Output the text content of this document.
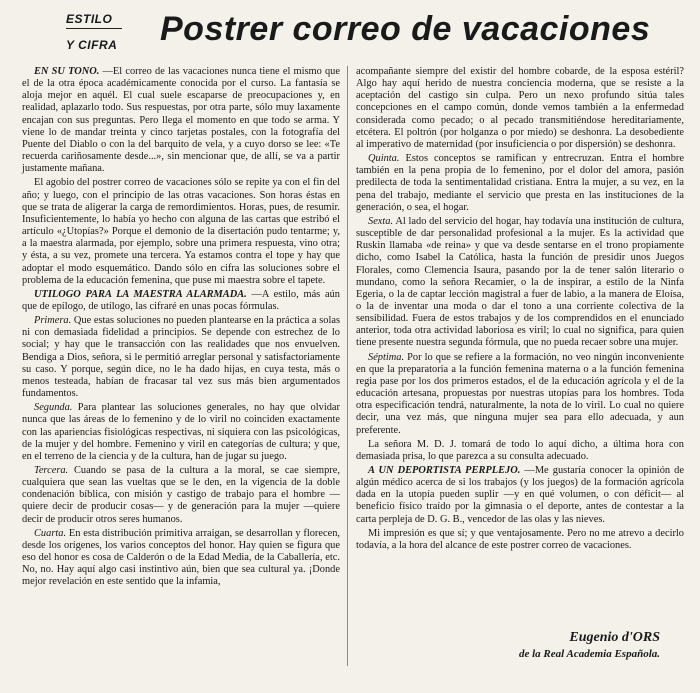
ESTILO
Y CIFRA Postrer correo de vacaciones

EN SU TONO. —El correo de las vacaciones nunca tiene el mismo que el de la otra época académicamente conocida por el curso. La fantasía se aloja mejor en aquél. El cual suele escaparse de preocupaciones y, en realidad, aplazarlo todo. Sus respuestas, por otra parte, sólo muy laxamente encajan con sus preguntas. Pero llega el momento en que todo se arma. Y viene lo de mandar treinta y cinco tarjetas postales, con la fotografía del Puente del Diablo o con la del barquito de vela, y a cuyo dorso se lee: «Te recuerda cariñosamente desde...», sin mencionar que, de allí, se va a partir justamente mañana.

El agobio del postrer correo de vacaciones sólo se repite ya con el fin del año; y luego, con el principio de las otras vacaciones. Son horas éstas en que se trata de aligerar la carga de remordimientos. Horas, pues, de resumir. Insuficientemente, lo había yo hecho con alguna de las cartas que estribó el artículo «¿Utopías?» Porque el demonio de la disertación pudo tentarme; y, a la maestra alarmada, por ejemplo, sobre una primera respuesta, vino otra; y ésta, a su vez, promete una tercera. Ya estamos contra el tope y hay que adoptar el modo esquemático. Dando sólo en cifra las soluciones sobre el problema de la educación femenina, que puse mi maestra sobre el tapete.

UTILOGO PARA LA MAESTRA ALARMADA. —A estilo, más aún que de epílogo, de utílogo, las cifraré en unas pocas fórmulas.

Primera. Que estas soluciones no pueden plantearse en la práctica a solas ni con demasiada fidelidad a principios. Se depende con estrechez de lo social; y hay que le transacción con las realidades que nos envuelven. Bendiga a Dios, señora, si le permitió arreglar personal y satisfactoriamente su caso. Y porque, según dice, no le ha dado hijas, en cuya testa, más o menos testeada, habían de fracasar tal vez sus más bien argumentados fundamentos.

Segunda. Para plantear las soluciones generales, no hay que olvidar nunca que las áreas de lo femenino y de lo viril no coinciden exactamente con las apariencias fisiológicas respectivas, ni siquiera con las psicológicas, de la mujer y del hombre. Femenino y viril en categorías de cultura; y que, en el terreno de la ciencia y de la cultura, han de jugar su juego.

Tercera. Cuando se pasa de la cultura a la moral, se cae siempre, cualquiera que sean las vueltas que se le den, en la vigencia de la doble condenación bíblica, con misión y castigo de trabajo para el hombre —quiere decir de producir cosas— y de generación para la mujer —quiere decir de producir otros seres humanos.

Cuarta. En esta distribución primitiva arraigan, se desarrollan y florecen, desde los orígenes, los varios conceptos del honor. Hay quien se figura que eso del honor es cosa de Calderón o de la Edad Media, de la Caballería, etc. No, no. Hay aquí algo casi instintivo aún, bien que sea cultural ya. ¡Donde mejor revelación en este sentido que la infamia,

acompañante siempre del existir del hombre cobarde, de la esposa estéril? Algo hay aquí herido de nuestra conciencia moderna, que se resiste a la aceptación del castigo sin culpa. Pero un nexo profundo sitúa tales concepciones en el campo común, donde vemos también a la enfermedad considerada como pecado; o al pecado transmitiéndose hereditariamente, etcétera. El poltrón (por holganza o por miedo) se deshonra. La desobediente al imperativo de maternidad (por insuficiencia o por dispersión) se deshonra.

Quinta. Estos conceptos se ramifican y entrecruzan. Entra el hombre también en la pena propia de lo femenino, por el dolor del amora, pasión predilecta de toda la sentimentalidad cristiana. Entra la mujer, a su vez, en la pena del trabajo, mediante el servicio que presta en las instituciones de la generación, o sea, el hogar.

Sexta. Al lado del servicio del hogar, hay todavía una institución de cultura, susceptible de dar personalidad profesional a la mujer. Es la actividad que Ruskin llamaba «de reina» y que va desde sentarse en el trono propiamente dicho, como Isabel la Católica, hasta la función de presidir unos Juegos Florales, como Clemencia Isaura, pasando por la de tener salón literario o mundano, como la señora Recamier, o la de inspirar, a estilo de la Ninfa Egeria, o la de captar lección magistral a fuer de labio, a la manera de Eloísa, o la de inventar una moda o dar el tono a una corriente colectiva de la sensibilidad. Fuera de estos trabajos y de los comprendidos en el enunciado anterior, toda otra actividad laboriosa es viril; lo cual no significa, para quien tiene presente nuestra segunda fórmula, que no pueda recaer sobre una mujer.

Séptima. Por lo que se refiere a la formación, no veo ningún inconveniente en que la preparatoria a la función femenina materna o a la función femenina regia pase por los dos primeros estados, el de la educación agrícola y el de la educación artesana, propuestas por nuestras utopías para los hombres. Toda otra especificación tendrá, naturalmente, la nota de lo viril. Lo cual no quiere decir, una vez más, que ninguna mujer sea para ello adecuada, y aun preferente.

La señora M. D. J. tomará de todo lo aquí dicho, a última hora con demasiada prisa, lo que parezca a su consulta adecuado.

A UN DEPORTISTA PERPLEJO. —Me gustaría conocer la opinión de algún médico acerca de si los trabajos (y los juegos) de la formación agrícola dada en la utopía pueden suplir —y en qué volumen, o con déficit— al beneficio físico traído por la gimnasia o el deporte, antes de contestar a la carta perpleja de D. G. B., vencedor de las olas y las nieves.

Mi impresión es que sí; y que ventajosamente. Pero no me atrevo a decirlo todavía, a la hora del alcance de este postrer correo de vacaciones.

Eugenio d'ORS
de la Real Academia Española.
